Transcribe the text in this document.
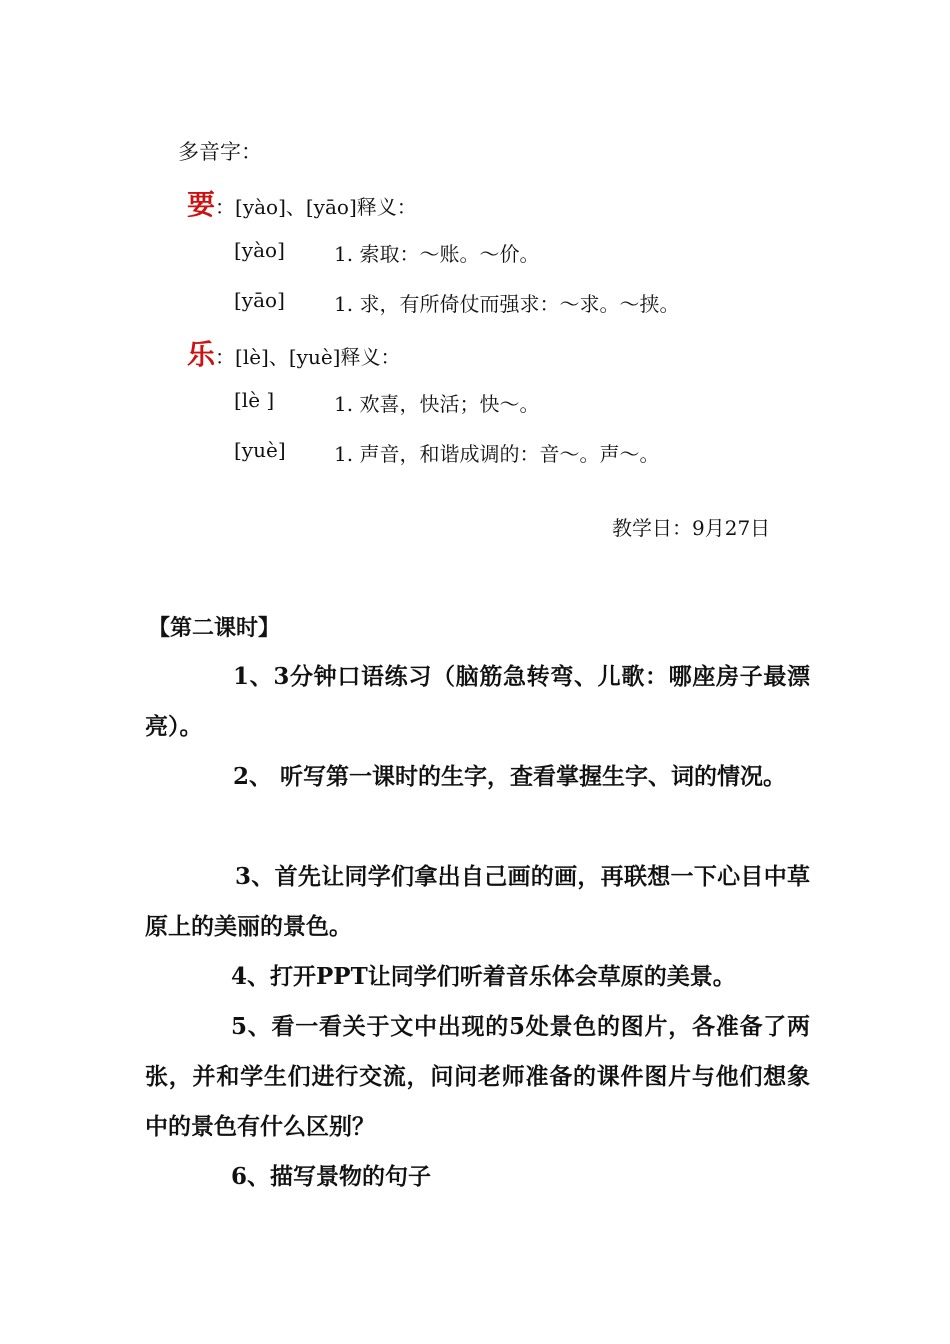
多音字：
要：[yào]、[yāo]释义：
[yào] 1. 索取：～账。～价。
[yāo] 1. 求，有所倚仗而强求：～求。～挟。
乐：[lè]、[yuè]释义：
[lè ]	1. 欢喜，快活；快～。
[yuè] 1. 声音，和谐成调的：音～。声～。
教学日：9月27日
【第二课时】

1、3分钟口语练习（脑筋急转弯、儿歌：哪座房子最漂亮）。

2、 听写第一课时的生字，查看掌握生字、词的情况。

3、首先让同学们拿出自己画的画，再联想一下心目中草原上的美丽的景色。

4、打开PPT让同学们听着音乐体会草原的美景。

5、看一看关于文中出现的5处景色的图片，各准备了两张，并和学生们进行交流，问问老师准备的课件图片与他们想象中的景色有什么区别？

6、描写景物的句子
